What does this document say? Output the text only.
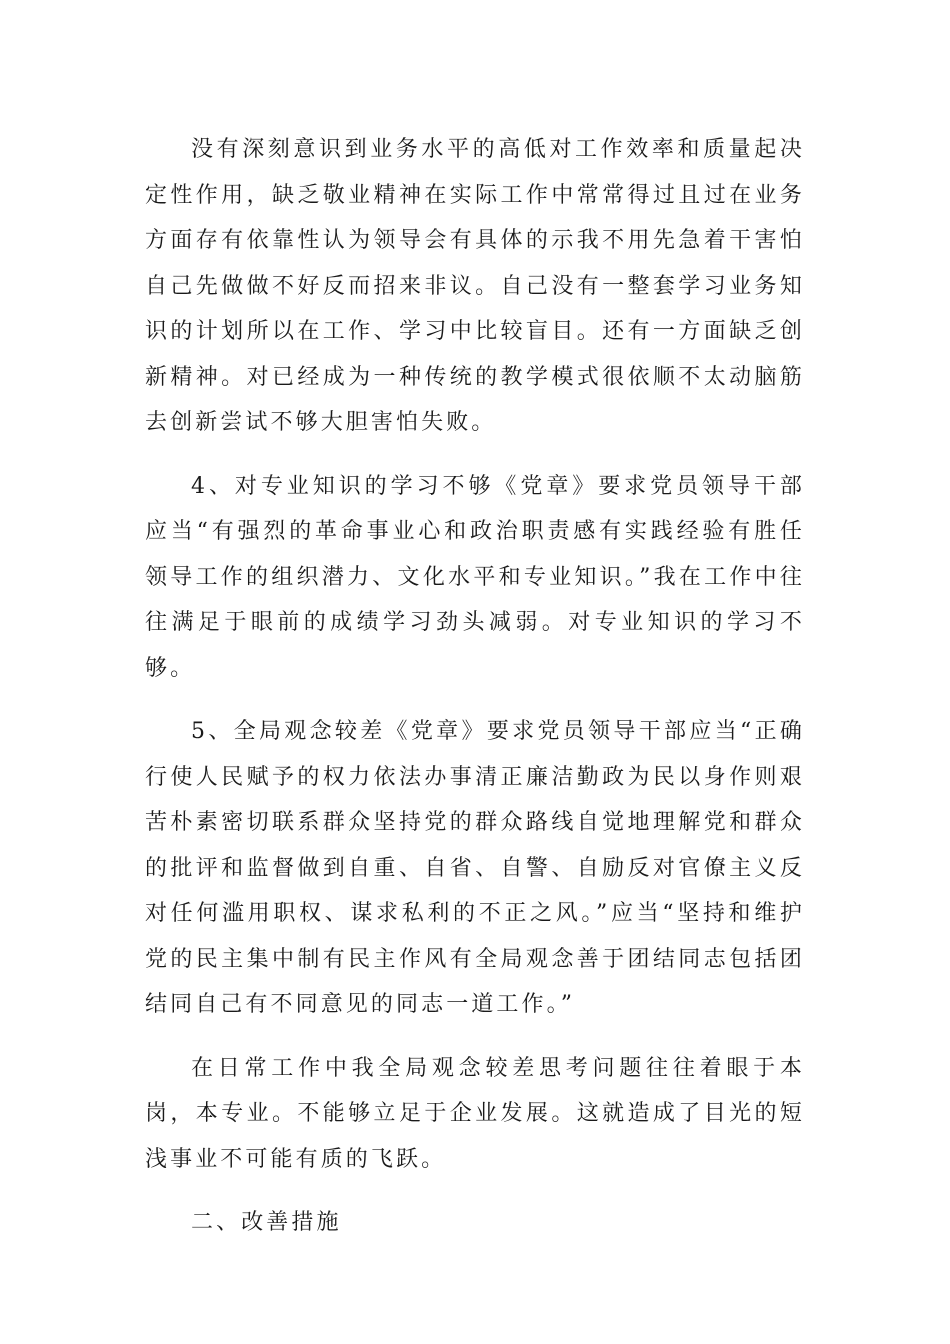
没有深刻意识到业务水平的高低对工作效率和质量起决定性作用，缺乏敬业精神在实际工作中常常得过且过在业务方面存有依靠性认为领导会有具体的示我不用先急着干害怕自己先做做不好反而招来非议。自己没有一整套学习业务知识的计划所以在工作、学习中比较盲目。还有一方面缺乏创新精神。对已经成为一种传统的教学模式很依顺不太动脑筋去创新尝试不够大胆害怕失败。

4、对专业知识的学习不够《党章》要求党员领导干部应当“有强烈的革命事业心和政治职责感有实践经验有胜任领导工作的组织潜力、文化水平和专业知识。”我在工作中往往满足于眼前的成绩学习劲头减弱。对专业知识的学习不够。

5、全局观念较差《党章》要求党员领导干部应当“正确行使人民赋予的权力依法办事清正廉洁勤政为民以身作则艰苦朴素密切联系群众坚持党的群众路线自觉地理解党和群众的批评和监督做到自重、自省、自警、自励反对官僚主义反对任何滥用职权、谋求私利的不正之风。”应当“坚持和维护党的民主集中制有民主作风有全局观念善于团结同志包括团结同自己有不同意见的同志一道工作。”

在日常工作中我全局观念较差思考问题往往着眼于本岗，本专业。不能够立足于企业发展。这就造成了目光的短浅事业不可能有质的飞跃。

二、改善措施
